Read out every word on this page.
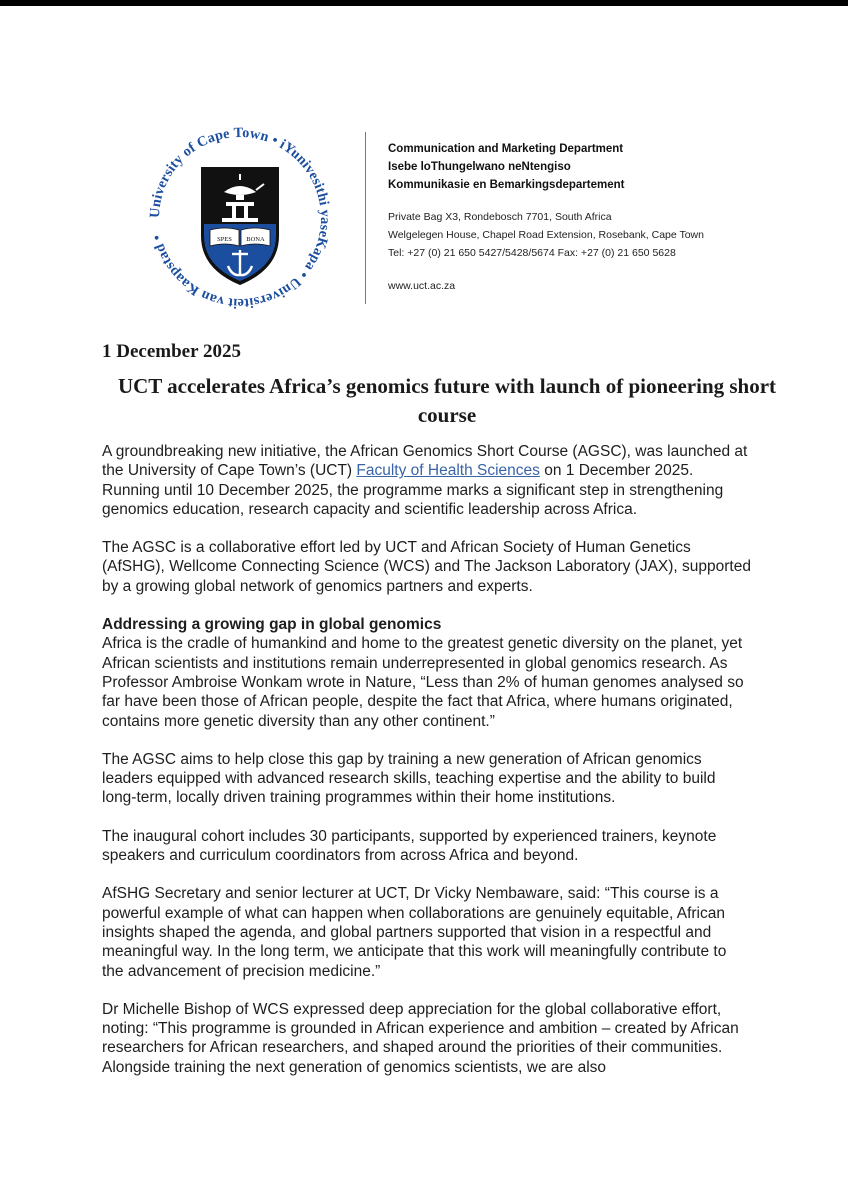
University of Cape Town • iYunivesithi yaseKapa • Universiteit van Kaapstad •	SPES BONA
Communication and Marketing Department
Isebe loThungelwano neNtengiso
Kommunikasie en Bemarkingsdepartement
Private Bag X3, Rondebosch 7701, South Africa
Welgelegen House, Chapel Road Extension, Rosebank, Cape Town
Tel: +27 (0) 21 650 5427/5428/5674 Fax: +27 (0) 21 650 5628
www.uct.ac.za
1 December 2025
UCT accelerates Africa’s genomics future with launch of pioneering short course

A groundbreaking new initiative, the African Genomics Short Course (AGSC), was launched at the University of Cape Town’s (UCT) Faculty of Health Sciences on 1 December 2025. Running until 10 December 2025, the programme marks a significant step in strengthening genomics education, research capacity and scientific leadership across Africa.

The AGSC is a collaborative effort led by UCT and African Society of Human Genetics (AfSHG), Wellcome Connecting Science (WCS) and The Jackson Laboratory (JAX), supported by a growing global network of genomics partners and experts.

Addressing a growing gap in global genomics

Africa is the cradle of humankind and home to the greatest genetic diversity on the planet, yet African scientists and institutions remain underrepresented in global genomics research. As Professor Ambroise Wonkam wrote in Nature, “Less than 2% of human genomes analysed so far have been those of African people, despite the fact that Africa, where humans originated, contains more genetic diversity than any other continent.”

The AGSC aims to help close this gap by training a new generation of African genomics leaders equipped with advanced research skills, teaching expertise and the ability to build long-term, locally driven training programmes within their home institutions.

The inaugural cohort includes 30 participants, supported by experienced trainers, keynote speakers and curriculum coordinators from across Africa and beyond.

AfSHG Secretary and senior lecturer at UCT, Dr Vicky Nembaware, said: “This course is a powerful example of what can happen when collaborations are genuinely equitable, African insights shaped the agenda, and global partners supported that vision in a respectful and meaningful way. In the long term, we anticipate that this work will meaningfully contribute to the advancement of precision medicine.”

Dr Michelle Bishop of WCS expressed deep appreciation for the global collaborative effort, noting: “This programme is grounded in African experience and ambition – created by African researchers for African researchers, and shaped around the priorities of their communities. Alongside training the next generation of genomics scientists, we are also
